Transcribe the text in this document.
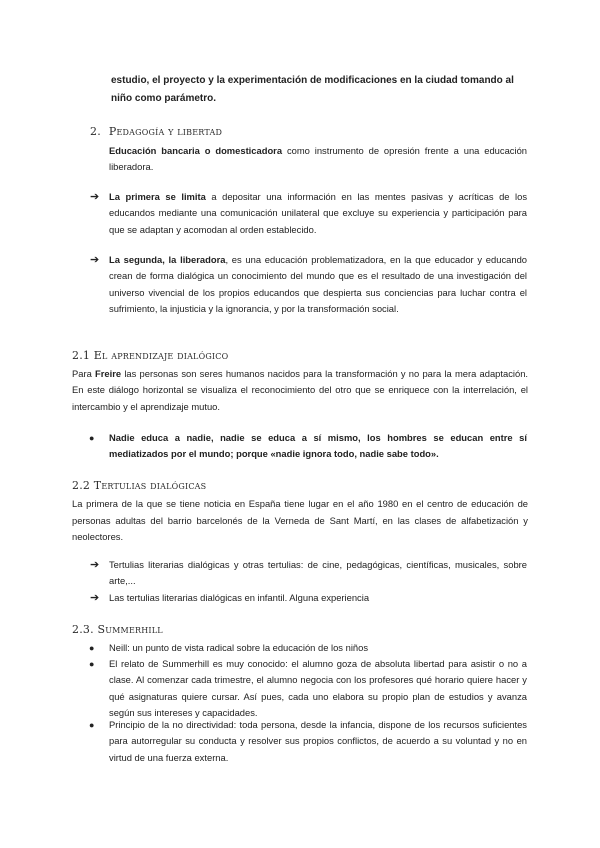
estudio, el proyecto y la experimentación de modificaciones en la ciudad tomando al
niño como parámetro.
2. Pedagogía y libertad
Educación bancaria o domesticadora como instrumento de opresión frente a una educación liberadora.
➔ La primera se limita a depositar una información en las mentes pasivas y acríticas de los educandos mediante una comunicación unilateral que excluye su experiencia y participación para que se adaptan y acomodan al orden establecido.
➔ La segunda, la liberadora, es una educación problematizadora, en la que educador y educando crean de forma dialógica un conocimiento del mundo que es el resultado de una investigación del universo vivencial de los propios educandos que despierta sus conciencias para luchar contra el sufrimiento, la injusticia y la ignorancia, y por la transformación social.
2.1 El aprendizaje dialógico
Para Freire las personas son seres humanos nacidos para la transformación y no para la mera adaptación. En este diálogo horizontal se visualiza el reconocimiento del otro que se enriquece con la interrelación, el intercambio y el aprendizaje mutuo.
● Nadie educa a nadie, nadie se educa a sí mismo, los hombres se educan entre sí mediatizados por el mundo; porque «nadie ignora todo, nadie sabe todo».
2.2 Tertulias dialógicas
La primera de la que se tiene noticia en España tiene lugar en el año 1980 en el centro de educación de personas adultas del barrio barcelonés de la Verneda de Sant Martí, en las clases de alfabetización y neolectores.
➔ Tertulias literarias dialógicas y otras tertulias: de cine, pedagógicas, científicas, musicales, sobre arte,...
➔ Las tertulias literarias dialógicas en infantil. Alguna experiencia
2.3. Summerhill
● Neill: un punto de vista radical sobre la educación de los niños
● El relato de Summerhill es muy conocido: el alumno goza de absoluta libertad para asistir o no a clase. Al comenzar cada trimestre, el alumno negocia con los profesores qué horario quiere hacer y qué asignaturas quiere cursar. Así pues, cada uno elabora su propio plan de estudios y avanza según sus intereses y capacidades.
● Principio de la no directividad: toda persona, desde la infancia, dispone de los recursos suficientes para autorregular su conducta y resolver sus propios conflictos, de acuerdo a su voluntad y no en virtud de una fuerza externa.
